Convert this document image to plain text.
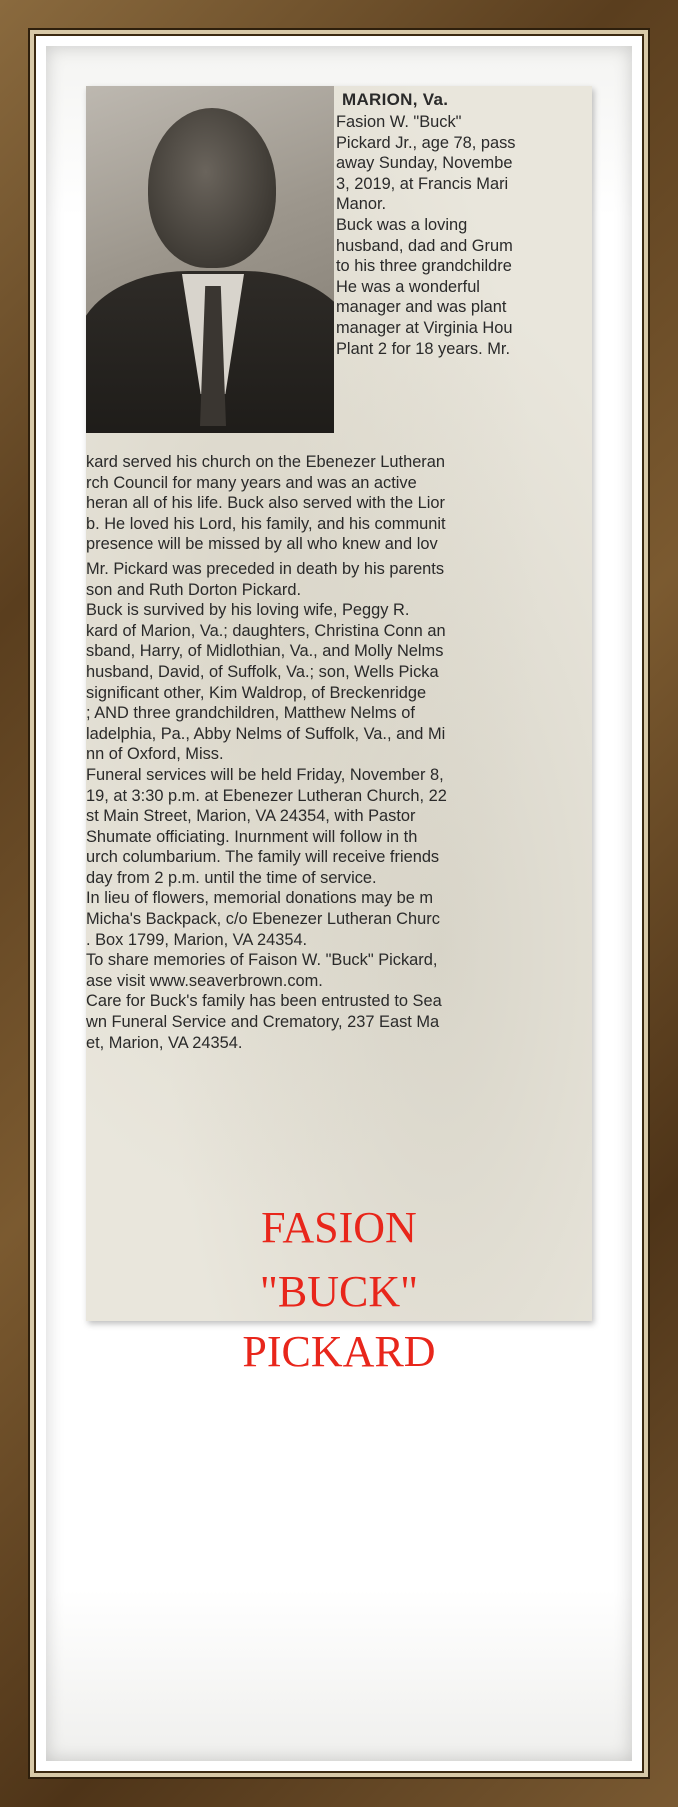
MARION, Va.
Fasion W. "Buck"
Pickard Jr., age 78, pass
away Sunday, Novembe
3, 2019, at Francis Mari
Manor.
Buck was a loving
husband, dad and Grum
to his three grandchildre
He was a wonderful
manager and was plant
manager at Virginia Hou
Plant 2 for 18 years. Mr.
kard served his church on the Ebenezer Lutheran
rch Council for many years and was an active
heran all of his life. Buck also served with the Lior
b. He loved his Lord, his family, and his communit
presence will be missed by all who knew and lov
Mr. Pickard was preceded in death by his parents
son and Ruth Dorton Pickard.
Buck is survived by his loving wife, Peggy R.
kard of Marion, Va.; daughters, Christina Conn an
sband, Harry, of Midlothian, Va., and Molly Nelms
husband, David, of Suffolk, Va.; son, Wells Picka
significant other, Kim Waldrop, of Breckenridge
; AND three grandchildren, Matthew Nelms of
ladelphia, Pa., Abby Nelms of Suffolk, Va., and Mi
nn of Oxford, Miss.
Funeral services will be held Friday, November 8,
19, at 3:30 p.m. at Ebenezer Lutheran Church, 22
st Main Street, Marion, VA 24354, with Pastor
Shumate officiating. Inurnment will follow in th
urch columbarium. The family will receive friends
day from 2 p.m. until the time of service.
In lieu of flowers, memorial donations may be m
Micha's Backpack, c/o Ebenezer Lutheran Churc
. Box 1799, Marion, VA 24354.
To share memories of Faison W. "Buck" Pickard,
ase visit www.seaverbrown.com.
Care for Buck's family has been entrusted to Sea
wn Funeral Service and Crematory, 237 East Ma
et, Marion, VA 24354.
FASION
"BUCK"
PICKARD
